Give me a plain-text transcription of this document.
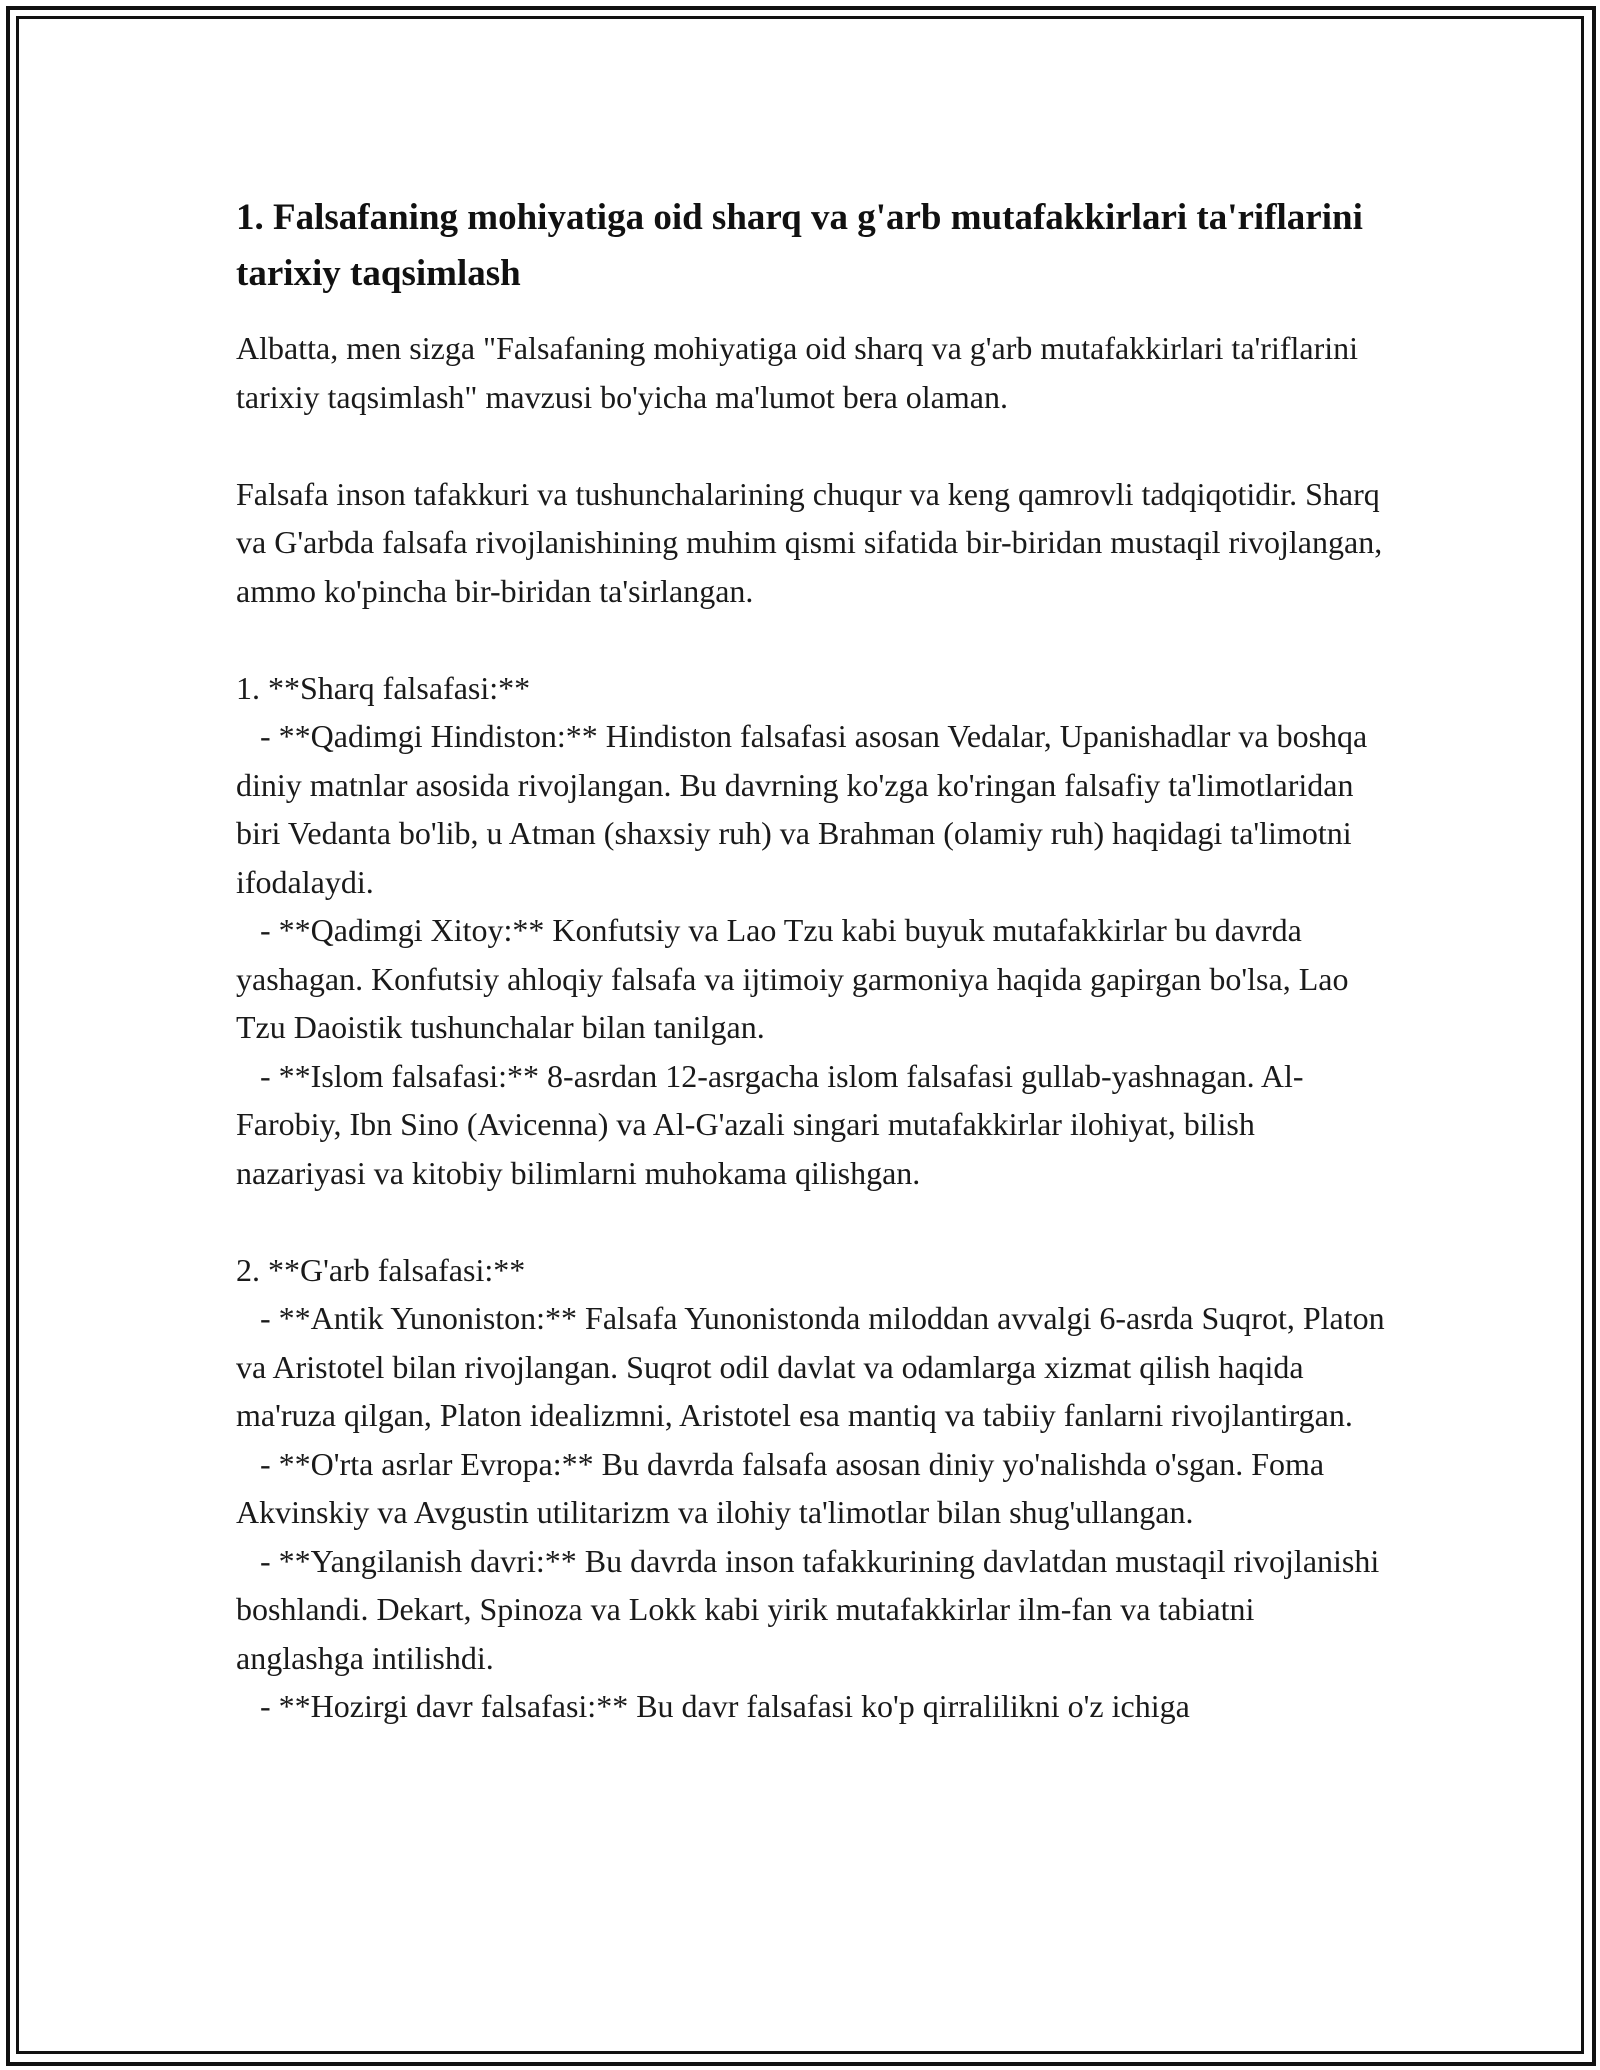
1. Falsafaning mohiyatiga oid sharq va g'arb mutafakkirlari ta'riflarini tarixiy taqsimlash

Albatta, men sizga "Falsafaning mohiyatiga oid sharq va g'arb mutafakkirlari ta'riflarini tarixiy taqsimlash" mavzusi bo'yicha ma'lumot bera olaman.

Falsafa inson tafakkuri va tushunchalarining chuqur va keng qamrovli tadqiqotidir. Sharq va G'arbda falsafa rivojlanishining muhim qismi sifatida bir-biridan mustaqil rivojlangan, ammo ko'pincha bir-biridan ta'sirlangan.

1. **Sharq falsafasi:**

- **Qadimgi Hindiston:** Hindiston falsafasi asosan Vedalar, Upanishadlar va boshqa diniy matnlar asosida rivojlangan. Bu davrning ko'zga ko'ringan falsafiy ta'limotlaridan biri Vedanta bo'lib, u Atman (shaxsiy ruh) va Brahman (olamiy ruh) haqidagi ta'limotni ifodalaydi.

- **Qadimgi Xitoy:** Konfutsiy va Lao Tzu kabi buyuk mutafakkirlar bu davrda yashagan. Konfutsiy ahloqiy falsafa va ijtimoiy garmoniya haqida gapirgan bo'lsa, Lao Tzu Daoistik tushunchalar bilan tanilgan.

- **Islom falsafasi:** 8-asrdan 12-asrgacha islom falsafasi gullab-yashnagan. Al-Farobiy, Ibn Sino (Avicenna) va Al-G'azali singari mutafakkirlar ilohiyat, bilish nazariyasi va kitobiy bilimlarni muhokama qilishgan.

2. **G'arb falsafasi:**

- **Antik Yunoniston:** Falsafa Yunonistonda miloddan avvalgi 6-asrda Suqrot, Platon va Aristotel bilan rivojlangan. Suqrot odil davlat va odamlarga xizmat qilish haqida ma'ruza qilgan, Platon idealizmni, Aristotel esa mantiq va tabiiy fanlarni rivojlantirgan.

- **O'rta asrlar Evropa:** Bu davrda falsafa asosan diniy yo'nalishda o'sgan. Foma Akvinskiy va Avgustin utilitarizm va ilohiy ta'limotlar bilan shug'ullangan.

- **Yangilanish davri:** Bu davrda inson tafakkurining davlatdan mustaqil rivojlanishi boshlandi. Dekart, Spinoza va Lokk kabi yirik mutafakkirlar ilm-fan va tabiatni anglashga intilishdi.

- **Hozirgi davr falsafasi:** Bu davr falsafasi ko'p qirralilikni o'z ichiga
